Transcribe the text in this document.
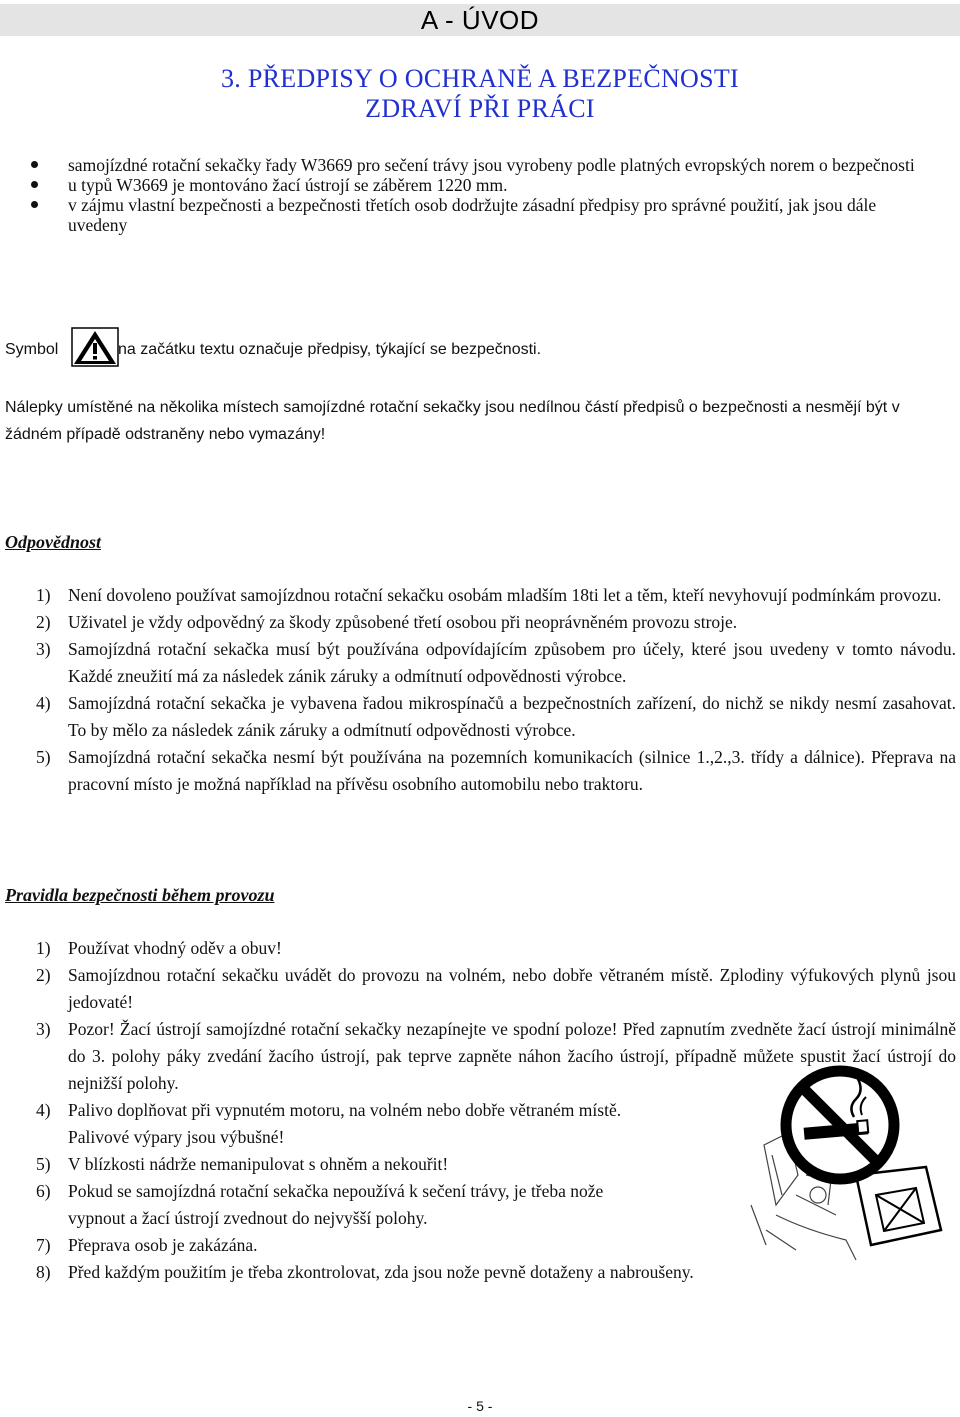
A - ÚVOD
3. PŘEDPISY O OCHRANĚ A BEZPEČNOSTI
ZDRAVÍ PŘI PRÁCI
samojízdné rotační sekačky řady W3669 pro sečení trávy jsou vyrobeny podle platných evropských norem o bezpečnosti
u typů W3669 je montováno žací ústrojí se záběrem 1220 mm.
v zájmu vlastní bezpečnosti a bezpečnosti třetích osob dodržujte zásadní předpisy pro správné použití, jak jsou dále uvedeny
Symbol	na začátku textu označuje předpisy, týkající se bezpečnosti.
Nálepky umístěné na několika místech samojízdné rotační sekačky jsou nedílnou částí předpisů o bezpečnosti a nesmějí být v žádném případě odstraněny nebo vymazány!
Odpovědnost
1) Není dovoleno používat samojízdnou rotační sekačku osobám mladším 18ti let a těm, kteří nevyhovují podmínkám provozu.
2) Uživatel je vždy odpovědný za škody způsobené třetí osobou při neoprávněném provozu stroje.
3) Samojízdná rotační sekačka musí být používána odpovídajícím způsobem pro účely, které jsou uvedeny v tomto návodu. Každé zneužití má za následek zánik záruky a odmítnutí odpovědnosti výrobce.
4) Samojízdná rotační sekačka je vybavena řadou mikrospínačů a bezpečnostních zařízení, do nichž se nikdy nesmí zasahovat. To by mělo za následek zánik záruky a odmítnutí odpovědnosti výrobce.
5) Samojízdná rotační sekačka nesmí být používána na pozemních komunikacích (silnice 1.,2.,3. třídy a dálnice). Přeprava na pracovní místo je možná například na přívěsu osobního automobilu nebo traktoru.
Pravidla bezpečnosti během provozu
1) Používat vhodný oděv a obuv!
2) Samojízdnou rotační sekačku uvádět do provozu na volném, nebo dobře větraném místě. Zplodiny výfukových plynů jsou jedovaté!
3) Pozor! Žací ústrojí samojízdné rotační sekačky nezapínejte ve spodní poloze! Před zapnutím zvedněte žací ústrojí minimálně do 3. polohy páky zvedání žacího ústrojí, pak teprve zapněte náhon žacího ústrojí, případně můžete spustit žací ústrojí do nejnižší polohy.
4) Palivo doplňovat při vypnutém motoru, na volném nebo dobře větraném místě.
Palivové výpary jsou výbušné!
5) V blízkosti nádrže nemanipulovat s ohněm a nekouřit!
6) Pokud se samojízdná rotační sekačka nepoužívá k sečení trávy, je třeba nože
vypnout a žací ústrojí zvednout do nejvyšší polohy.
7) Přeprava osob je zakázána.
8) Před každým použitím je třeba zkontrolovat, zda jsou nože pevně dotaženy a nabroušeny.
- 5 -
